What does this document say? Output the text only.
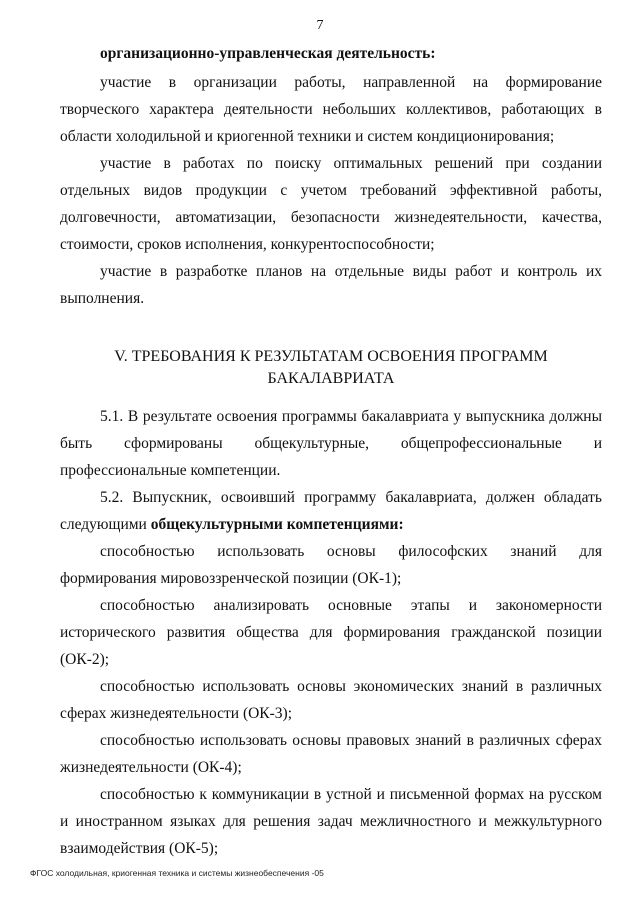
7

организационно-управленческая деятельность:

участие в организации работы, направленной на формирование творческого характера деятельности небольших коллективов, работающих в области холодильной и криогенной техники и систем кондиционирования;

участие в работах по поиску оптимальных решений при создании отдельных видов продукции с учетом требований эффективной работы, долговечности, автоматизации, безопасности жизнедеятельности, качества, стоимости, сроков исполнения, конкурентоспособности;

участие в разработке планов на отдельные виды работ и контроль их выполнения.

V. ТРЕБОВАНИЯ К РЕЗУЛЬТАТАМ ОСВОЕНИЯ ПРОГРАММ
БАКАЛАВРИАТА

5.1. В результате освоения программы бакалавриата у выпускника должны быть сформированы общекультурные, общепрофессиональные и профессиональные компетенции.

5.2. Выпускник, освоивший программу бакалавриата, должен обладать следующими общекультурными компетенциями:

способностью использовать основы философских знаний для формирования мировоззренческой позиции (ОК-1);

способностью анализировать основные этапы и закономерности исторического развития общества для формирования гражданской позиции (ОК-2);

способностью использовать основы экономических знаний в различных сферах жизнедеятельности (ОК-3);

способностью использовать основы правовых знаний в различных сферах жизнедеятельности (ОК-4);

способностью к коммуникации в устной и письменной формах на русском и иностранном языках для решения задач межличностного и межкультурного взаимодействия (ОК-5);

ФГОС холодильная, криогенная техника и системы жизнеобеспечения -05
